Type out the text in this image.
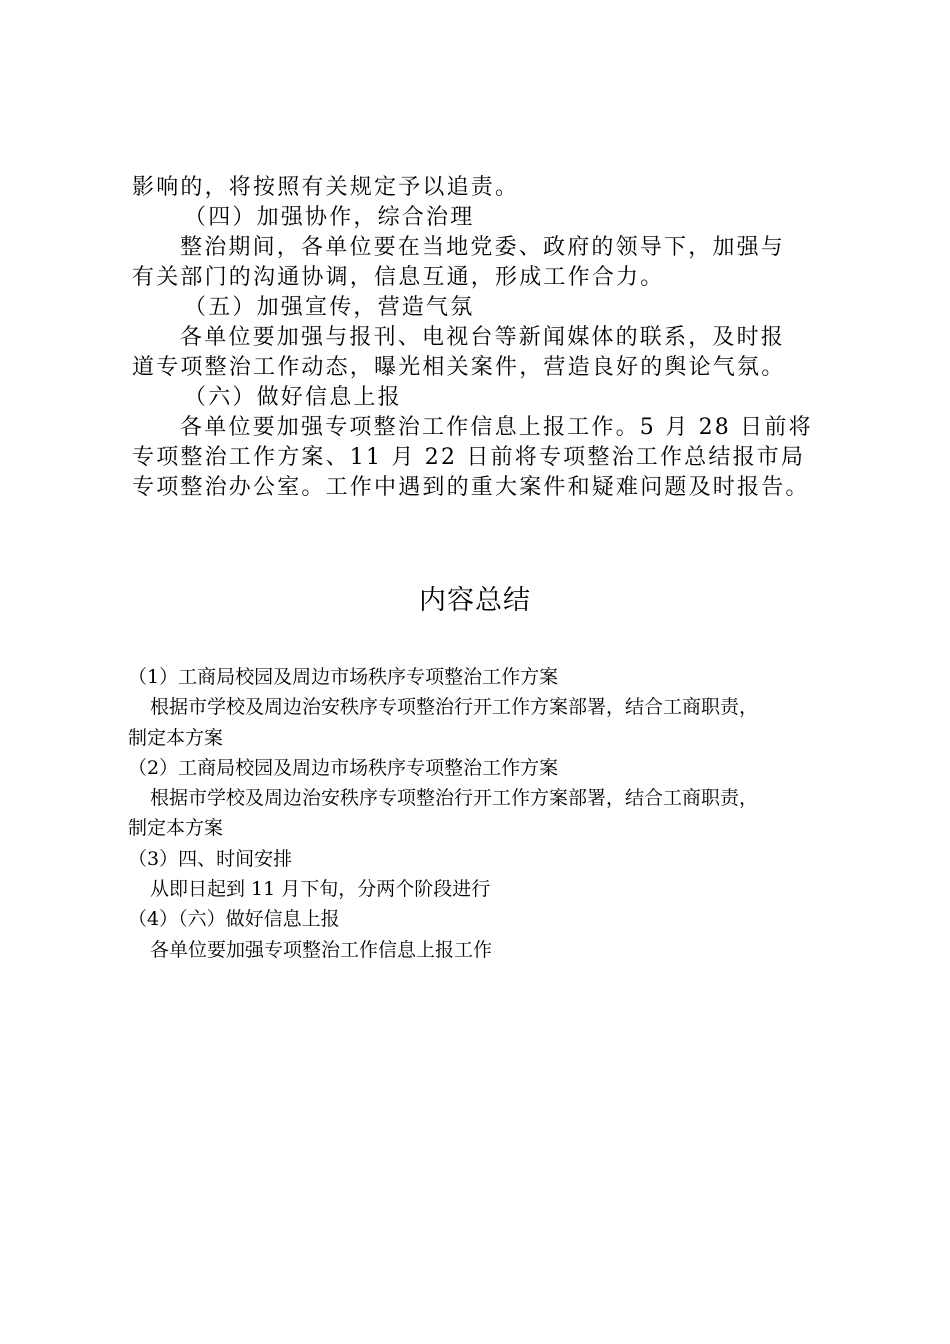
影响的，将按照有关规定予以追责。

（四）加强协作，综合治理

整治期间，各单位要在当地党委、政府的领导下，加强与

有关部门的沟通协调，信息互通，形成工作合力。

（五）加强宣传，营造气氛

各单位要加强与报刊、电视台等新闻媒体的联系，及时报

道专项整治工作动态，曝光相关案件，营造良好的舆论气氛。

（六）做好信息上报

各单位要加强专项整治工作信息上报工作。5 月 28 日前将

专项整治工作方案、11 月 22 日前将专项整治工作总结报市局

专项整治办公室。工作中遇到的重大案件和疑难问题及时报告。

内容总结

（1）工商局校园及周边市场秩序专项整治工作方案

根据市学校及周边治安秩序专项整治行开工作方案部署，结合工商职责，

制定本方案

（2）工商局校园及周边市场秩序专项整治工作方案

根据市学校及周边治安秩序专项整治行开工作方案部署，结合工商职责，

制定本方案

（3）四、时间安排

从即日起到 11 月下旬，分两个阶段进行

（4）（六）做好信息上报

各单位要加强专项整治工作信息上报工作
